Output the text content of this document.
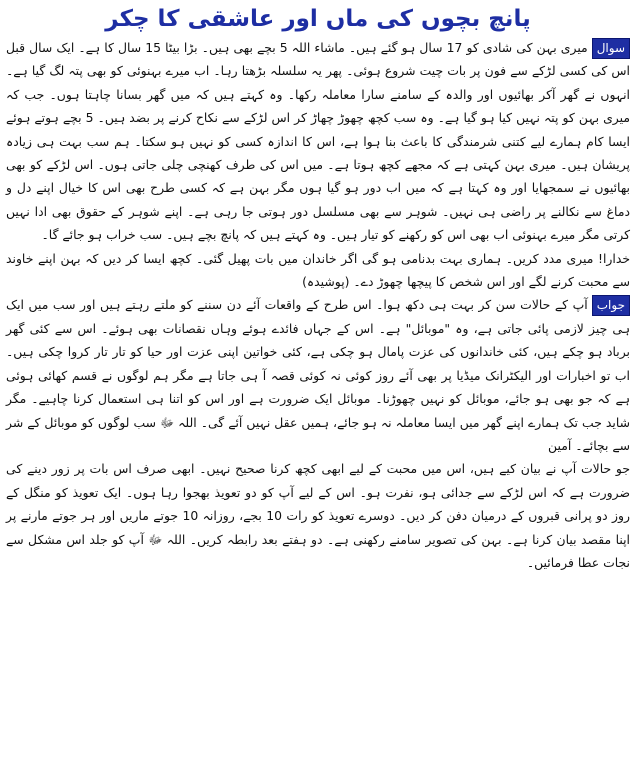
پانچ بچوں کی ماں اور عاشقی کا چکر

سوالمیری بہن کی شادی کو 17 سال ہو گئے ہیں۔ ماشاء اللہ 5 بچے بھی ہیں۔ بڑا بیٹا 15 سال کا ہے۔ ایک سال قبل اس کی کسی لڑکے سے فون پر بات چیت شروع ہوئی۔ پھر یہ سلسلہ بڑھتا رہا۔ اب میرے بہنوئی کو بھی پتہ لگ گیا ہے۔ انہوں نے گھر آکر بھائیوں اور والدہ کے سامنے سارا معاملہ رکھا۔ وہ کہتے ہیں کہ میں گھر بسانا چاہتا ہوں۔ جب کہ میری بہن کو پتہ نہیں کیا ہو گیا ہے۔ وہ سب کچھ چھوڑ چھاڑ کر اس لڑکے سے نکاح کرنے پر بضد ہیں۔ 5 بچے ہوتے ہوئے ایسا کام ہمارے لیے کتنی شرمندگی کا باعث بنا ہوا ہے، اس کا اندازہ کسی کو نہیں ہو سکتا۔ ہم سب بہت ہی زیادہ پریشان ہیں۔ میری بہن کہتی ہے کہ مجھے کچھ ہوتا ہے۔ میں اس کی طرف کھنچی چلی جاتی ہوں۔ اس لڑکے کو بھی بھائیوں نے سمجھایا اور وہ کہتا ہے کہ میں اب دور ہو گیا ہوں مگر بہن ہے کہ کسی طرح بھی اس کا خیال اپنے دل و دماغ سے نکالنے پر راضی ہی نہیں۔ شوہر سے بھی مسلسل دور ہوتی جا رہی ہے۔ اپنے شوہر کے حقوق بھی ادا نہیں کرتی مگر میرے بہنوئی اب بھی اس کو رکھنے کو تیار ہیں۔ وہ کہتے ہیں کہ پانچ بچے ہیں۔ سب خراب ہو جائے گا۔

خدارا! میری مدد کریں۔ ہماری بہت بدنامی ہو گی اگر خاندان میں بات پھیل گئی۔ کچھ ایسا کر دیں کہ بہن اپنے خاوند سے محبت کرنے لگے اور اس شخص کا پیچھا چھوڑ دے۔ (پوشیدہ)

جوابآپ کے حالات سن کر بہت ہی دکھ ہوا۔ اس طرح کے واقعات آئے دن سننے کو ملتے رہتے ہیں اور سب میں ایک ہی چیز لازمی پائی جاتی ہے، وہ "موبائل" ہے۔ اس کے جہاں فائدے ہوئے وہاں نقصانات بھی ہوئے۔ اس سے کئی گھر برباد ہو چکے ہیں، کئی خاندانوں کی عزت پامال ہو چکی ہے، کئی خواتین اپنی عزت اور حیا کو تار تار کروا چکی ہیں۔ اب تو اخبارات اور الیکٹرانک میڈیا پر بھی آئے روز کوئی نہ کوئی قصہ آ ہی جاتا ہے مگر ہم لوگوں نے قسم کھائی ہوئی ہے کہ جو بھی ہو جائے، موبائل کو نہیں چھوڑنا۔ موبائل ایک ضرورت ہے اور اس کو اتنا ہی استعمال کرنا چاہیے۔ مگر شاید جب تک ہمارے اپنے گھر میں ایسا معاملہ نہ ہو جائے، ہمیں عقل نہیں آئے گی۔ اللہ ﷻ سب لوگوں کو موبائل کے شر سے بچائے۔ آمین

جو حالات آپ نے بیان کیے ہیں، اس میں محبت کے لیے ابھی کچھ کرنا صحیح نہیں۔ ابھی صرف اس بات پر زور دینے کی ضرورت ہے کہ اس لڑکے سے جدائی ہو، نفرت ہو۔ اس کے لیے آپ کو دو تعویذ بھجوا رہا ہوں۔ ایک تعویذ کو منگل کے روز دو پرانی قبروں کے درمیان دفن کر دیں۔ دوسرے تعویذ کو رات 10 بجے، روزانہ 10 جوتے ماریں اور ہر جوتے مارنے پر اپنا مقصد بیان کرنا ہے۔ بہن کی تصویر سامنے رکھنی ہے۔ دو ہفتے بعد رابطہ کریں۔ اللہ ﷻ آپ کو جلد اس مشکل سے نجات عطا فرمائیں۔
